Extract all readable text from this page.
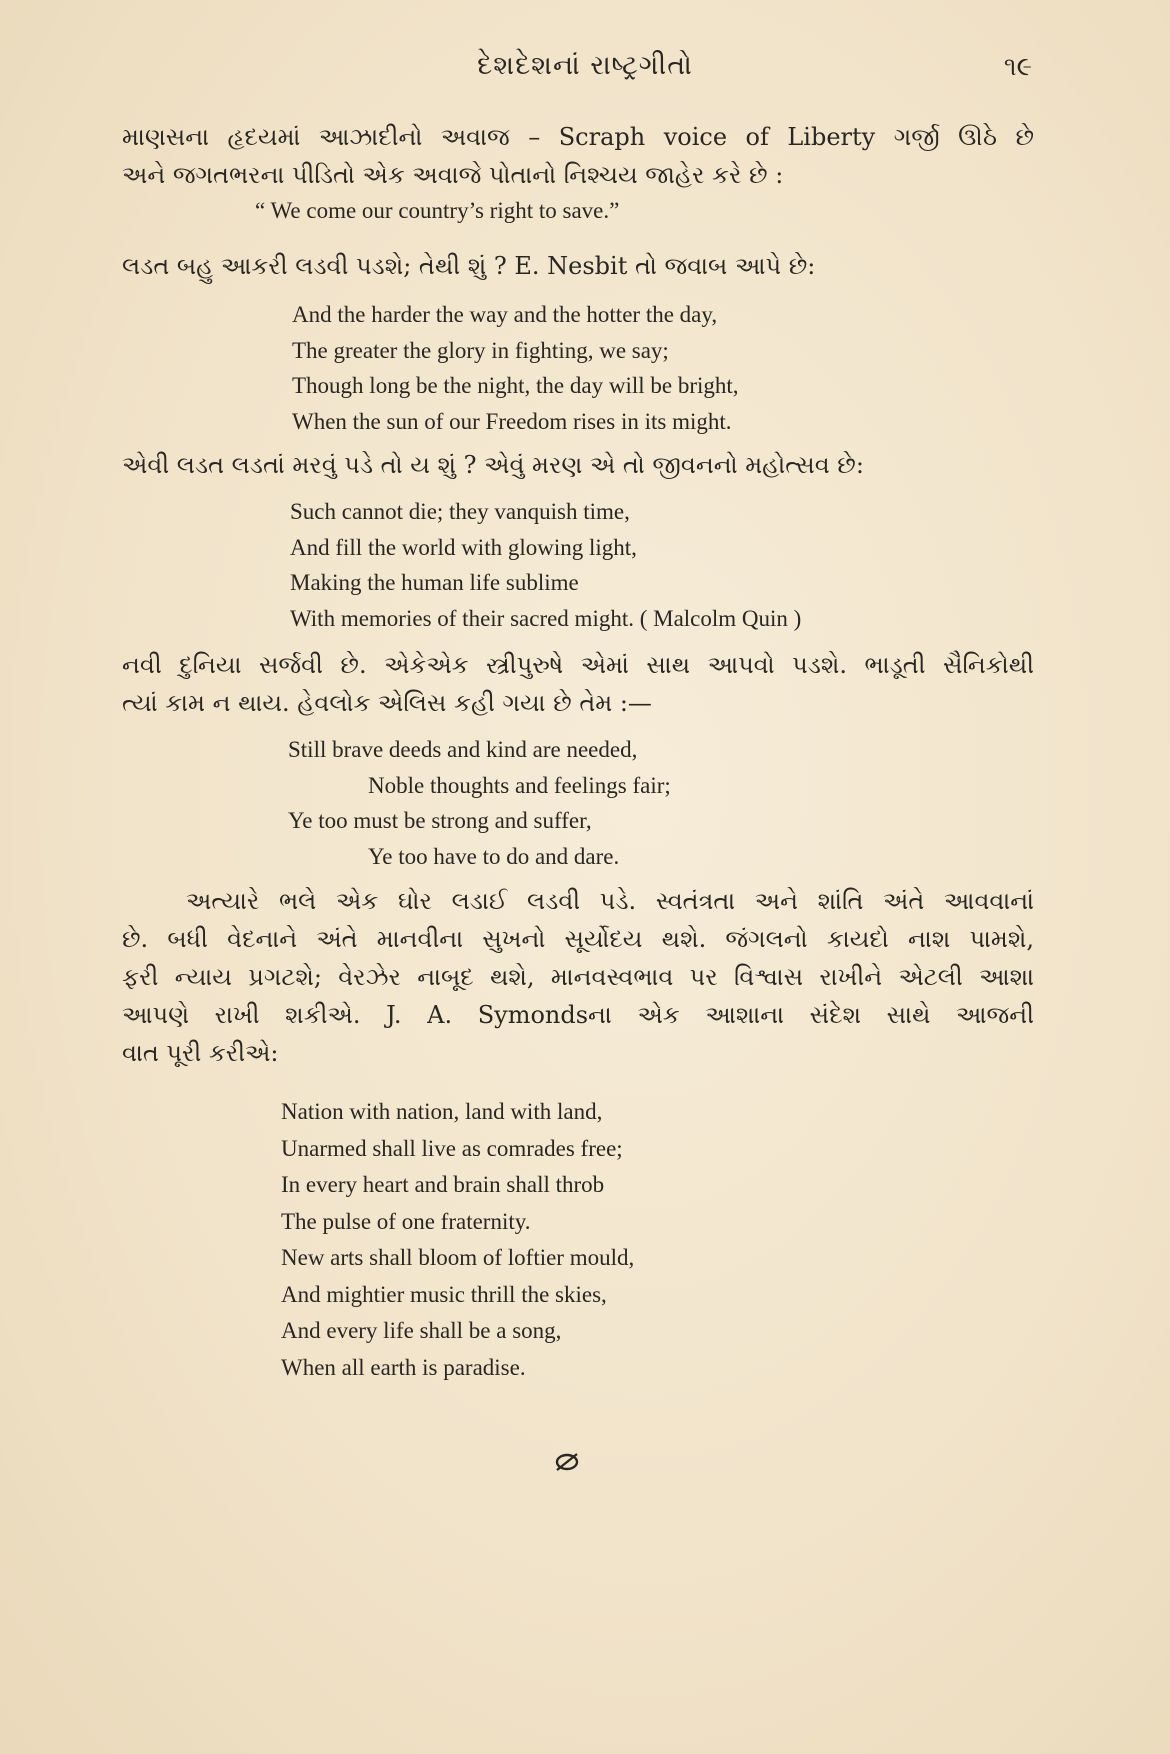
દેશદેશનાં રાષ્ટ્રગીતો	૧૯

માણસના હૃદયમાં આઝાદીનો અવાજ – Scraph voice of Liberty ગર્જી ઊઠે છે
અને જગતભરના પીડિતો એક અવાજે પોતાનો નિશ્ચય જાહેર કરે છે :

“ We come our country’s right to save.”

લડત બહુ આકરી લડવી પડશે; તેથી શું ? E. Nesbit તો જવાબ આપે છે:

And the harder the way and the hotter the day,
The greater the glory in fighting, we say;
Though long be the night, the day will be bright,
When the sun of our Freedom rises in its might.

એવી લડત લડતાં મરવું પડે તો ય શું ? એવું મરણ એ તો જીવનનો મહોત્સવ છે:

Such cannot die; they vanquish time,
And fill the world with glowing light,
Making the human life sublime
With memories of their sacred might. ( Malcolm Quin )

નવી દુનિયા સર્જવી છે. એકેએક સ્ત્રીપુરુષે એમાં સાથ આપવો પડશે. ભાડૂતી સૈનિકોથી
ત્યાં કામ ન થાય. હેવલોક એલિસ કહી ગયા છે તેમ :—

Still brave deeds and kind are needed,
Noble thoughts and feelings fair;
Ye too must be strong and suffer,
Ye too have to do and dare.

અત્યારે ભલે એક ઘોર લડાઈ લડવી પડે. સ્વતંત્રતા અને શાંતિ અંતે આવવાનાં
છે. બધી વેદનાને અંતે માનવીના સુખનો સૂર્યોદય થશે. જંગલનો કાયદો નાશ પામશે,
ફરી ન્યાય પ્રગટશે; વેરઝેર નાબૂદ થશે, માનવસ્વભાવ પર વિશ્વાસ રાખીને એટલી આશા
આપણે રાખી શકીએ. J. A. Symondsના એક આશાના સંદેશ સાથે આજની
વાત પૂરી કરીએ:

Nation with nation, land with land,
Unarmed shall live as comrades free;
In every heart and brain shall throb
The pulse of one fraternity.
New arts shall bloom of loftier mould,
And mightier music thrill the skies,
And every life shall be a song,
When all earth is paradise.
